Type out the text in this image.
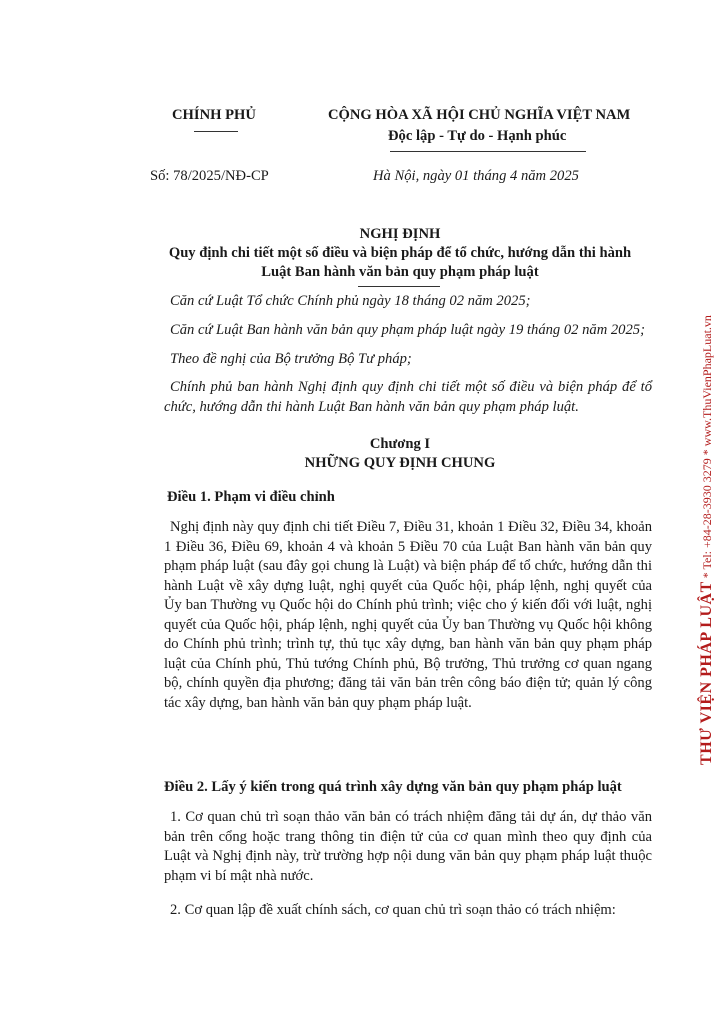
CHÍNH PHỦ	CỘNG HÒA XÃ HỘI CHỦ NGHĨA VIỆT NAM
Độc lập - Tự do - Hạnh phúc
Số: 78/2025/NĐ-CP	Hà Nội, ngày 01 tháng 4 năm 2025
NGHỊ ĐỊNH
Quy định chi tiết một số điều và biện pháp để tổ chức, hướng dẫn thi hành
Luật Ban hành văn bản quy phạm pháp luật
Căn cứ Luật Tổ chức Chính phủ ngày 18 tháng 02 năm 2025;
Căn cứ Luật Ban hành văn bản quy phạm pháp luật ngày 19 tháng 02 năm 2025;
Theo đề nghị của Bộ trưởng Bộ Tư pháp;
Chính phủ ban hành Nghị định quy định chi tiết một số điều và biện pháp để tổ chức, hướng dẫn thi hành Luật Ban hành văn bản quy phạm pháp luật.
Chương I
NHỮNG QUY ĐỊNH CHUNG
Điều 1. Phạm vi điều chỉnh
Nghị định này quy định chi tiết Điều 7, Điều 31, khoản 1 Điều 32, Điều 34, khoản 1 Điều 36, Điều 69, khoản 4 và khoản 5 Điều 70 của Luật Ban hành văn bản quy phạm pháp luật (sau đây gọi chung là Luật) và biện pháp để tổ chức, hướng dẫn thi hành Luật về xây dựng luật, nghị quyết của Quốc hội, pháp lệnh, nghị quyết của Ủy ban Thường vụ Quốc hội do Chính phủ trình; việc cho ý kiến đối với luật, nghị quyết của Quốc hội, pháp lệnh, nghị quyết của Ủy ban Thường vụ Quốc hội không do Chính phủ trình; trình tự, thủ tục xây dựng, ban hành văn bản quy phạm pháp luật của Chính phủ, Thủ tướng Chính phủ, Bộ trưởng, Thủ trưởng cơ quan ngang bộ, chính quyền địa phương; đăng tải văn bản trên công báo điện tử; quản lý công tác xây dựng, ban hành văn bản quy phạm pháp luật.
Điều 2. Lấy ý kiến trong quá trình xây dựng văn bản quy phạm pháp luật
1. Cơ quan chủ trì soạn thảo văn bản có trách nhiệm đăng tải dự án, dự thảo văn bản trên cổng hoặc trang thông tin điện tử của cơ quan mình theo quy định của Luật và Nghị định này, trừ trường hợp nội dung văn bản quy phạm pháp luật thuộc phạm vi bí mật nhà nước.
2. Cơ quan lập đề xuất chính sách, cơ quan chủ trì soạn thảo có trách nhiệm:
THƯ VIỆN PHÁP LUẬT * Tel: +84-28-3930 3279 * www.ThuVienPhapLuat.vn
